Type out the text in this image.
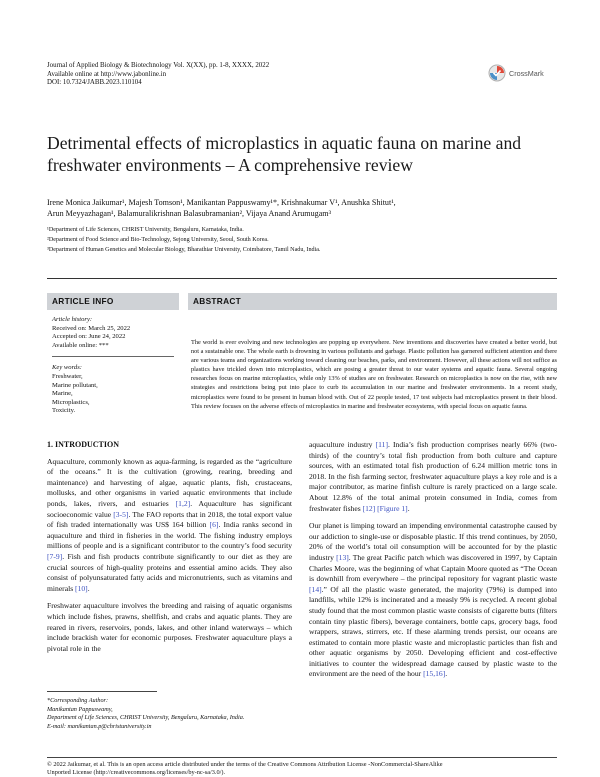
Journal of Applied Biology & Biotechnology Vol. X(XX), pp. 1-8, XXXX, 2022
Available online at http://www.jabonline.in
DOI: 10.7324/JABB.2023.110104
CrossMark
Detrimental effects of microplastics in aquatic fauna on marine and freshwater environments – A comprehensive review
Irene Monica Jaikumar¹, Majesh Tomson¹, Manikantan Pappuswamy¹*, Krishnakumar V¹, Anushka Shitut¹,
Arun Meyyazhagan¹, Balamuralikrishnan Balasubramanian², Vijaya Anand Arumugam³
¹Department of Life Sciences, CHRIST University, Bengaluru, Karnataka, India.
²Department of Food Science and Bio-Technology, Sejong University, Seoul, South Korea.
³Department of Human Genetics and Molecular Biology, Bharathiar University, Coimbatore, Tamil Nadu, India.
ARTICLE INFO
Article history:
Received on: March 25, 2022
Accepted on: June 24, 2022
Available online: ***
Key words:
Freshwater,
Marine pollutant,
Marine,
Microplastics,
Toxicity.
ABSTRACT
The world is ever evolving and new technologies are popping up everywhere. New inventions and discoveries have created a better world, but not a sustainable one. The whole earth is drowning in various pollutants and garbage. Plastic pollution has garnered sufficient attention and there are various teams and organizations working toward cleaning our beaches, parks, and environment. However, all these actions will not suffice as plastics have trickled down into microplastics, which are posing a greater threat to our water systems and aquatic fauna. Several ongoing researches focus on marine microplastics, while only 13% of studies are on freshwater. Research on microplastics is now on the rise, with new strategies and restrictions being put into place to curb its accumulation in our marine and freshwater environments. In a recent study, microplastics were found to be present in human blood with. Out of 22 people tested, 17 test subjects had microplastics present in their blood. This review focuses on the adverse effects of microplastics in marine and freshwater ecosystems, with special focus on aquatic fauna.
1. INTRODUCTION

Aquaculture, commonly known as aqua-farming, is regarded as the “agriculture of the oceans.” It is the cultivation (growing, rearing, breeding and maintenance) and harvesting of algae, aquatic plants, fish, crustaceans, mollusks, and other organisms in varied aquatic environments that include ponds, lakes, rivers, and estuaries [1,2]. Aquaculture has significant socioeconomic value [3-5]. The FAO reports that in 2018, the total export value of fish traded internationally was US$ 164 billion [6]. India ranks second in aquaculture and third in fisheries in the world. The fishing industry employs millions of people and is a significant contributor to the country’s food security [7-9]. Fish and fish products contribute significantly to our diet as they are crucial sources of high-quality proteins and essential amino acids. They also consist of polyunsaturated fatty acids and micronutrients, such as vitamins and minerals [10].

Freshwater aquaculture involves the breeding and raising of aquatic organisms which include fishes, prawns, shellfish, and crabs and aquatic plants. They are reared in rivers, reservoirs, ponds, lakes, and other inland waterways – which include brackish water for economic purposes. Freshwater aquaculture plays a pivotal role in the

*Corresponding Author:
Manikantan Pappuswamy,
Department of Life Sciences, CHRIST University, Bengaluru, Karnataka, India.
E-mail: manikantan.p@christuniversity.in

aquaculture industry [11]. India’s fish production comprises nearly 66% (two-thirds) of the country’s total fish production from both culture and capture sources, with an estimated total fish production of 6.24 million metric tons in 2018. In the fish farming sector, freshwater aquaculture plays a key role and is a major contributor, as marine finfish culture is rarely practiced on a large scale. About 12.8% of the total animal protein consumed in India, comes from freshwater fishes [12] [Figure 1].

Our planet is limping toward an impending environmental catastrophe caused by our addiction to single-use or disposable plastic. If this trend continues, by 2050, 20% of the world’s total oil consumption will be accounted for by the plastic industry [13]. The great Pacific patch which was discovered in 1997, by Captain Charles Moore, was the beginning of what Captain Moore quoted as “The Ocean is downhill from everywhere – the principal repository for vagrant plastic waste [14].” Of all the plastic waste generated, the majority (79%) is dumped into landfills, while 12% is incinerated and a measly 9% is recycled. A recent global study found that the most common plastic waste consists of cigarette butts (filters contain tiny plastic fibers), beverage containers, bottle caps, grocery bags, food wrappers, straws, stirrers, etc. If these alarming trends persist, our oceans are estimated to contain more plastic waste and microplastic particles than fish and other aquatic organisms by 2050. Developing efficient and cost-effective initiatives to counter the widespread damage caused by plastic waste to the environment are the need of the hour [15,16].

© 2022 Jaikumar, et al. This is an open access article distributed under the terms of the Creative Commons Attribution License -NonCommercial-ShareAlike
Unported License (http://creativecommons.org/licenses/by-nc-sa/3.0/).
